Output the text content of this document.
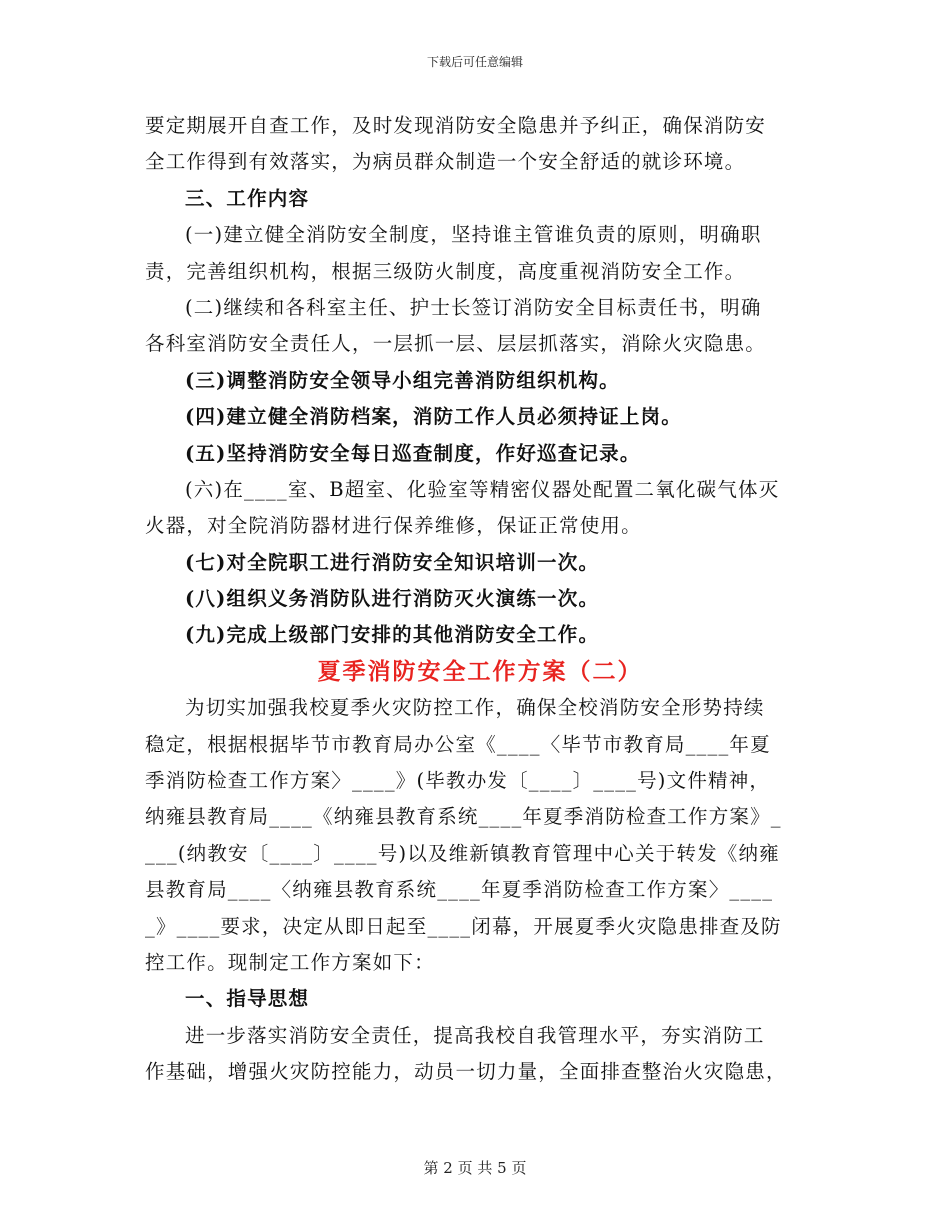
下载后可任意编辑
要定期展开自查工作，及时发现消防安全隐患并予纠正，确保消防安
全工作得到有效落实，为病员群众制造一个安全舒适的就诊环境。
三、工作内容
(一)建立健全消防安全制度，坚持谁主管谁负责的原则，明确职
责，完善组织机构，根据三级防火制度，高度重视消防安全工作。
(二)继续和各科室主任、护士长签订消防安全目标责任书，明确
各科室消防安全责任人，一层抓一层、层层抓落实，消除火灾隐患。
(三)调整消防安全领导小组完善消防组织机构。
(四)建立健全消防档案，消防工作人员必须持证上岗。
(五)坚持消防安全每日巡查制度，作好巡查记录。
(六)在____室、B超室、化验室等精密仪器处配置二氧化碳气体灭
火器，对全院消防器材进行保养维修，保证正常使用。
(七)对全院职工进行消防安全知识培训一次。
(八)组织义务消防队进行消防灭火演练一次。
(九)完成上级部门安排的其他消防安全工作。
夏季消防安全工作方案（二）
为切实加强我校夏季火灾防控工作，确保全校消防安全形势持续
稳定，根据根据毕节市教育局办公室《____〈毕节市教育局____年夏
季消防检查工作方案〉____》(毕教办发〔____〕____号)文件精神，
纳雍县教育局____《纳雍县教育系统____年夏季消防检查工作方案》_
___(纳教安〔____〕____号)以及维新镇教育管理中心关于转发《纳雍
县教育局____〈纳雍县教育系统____年夏季消防检查工作方案〉____
_》____要求，决定从即日起至____闭幕，开展夏季火灾隐患排查及防
控工作。现制定工作方案如下：
一、指导思想
进一步落实消防安全责任，提高我校自我管理水平，夯实消防工
作基础，增强火灾防控能力，动员一切力量，全面排查整治火灾隐患，
第 2 页 共 5 页
